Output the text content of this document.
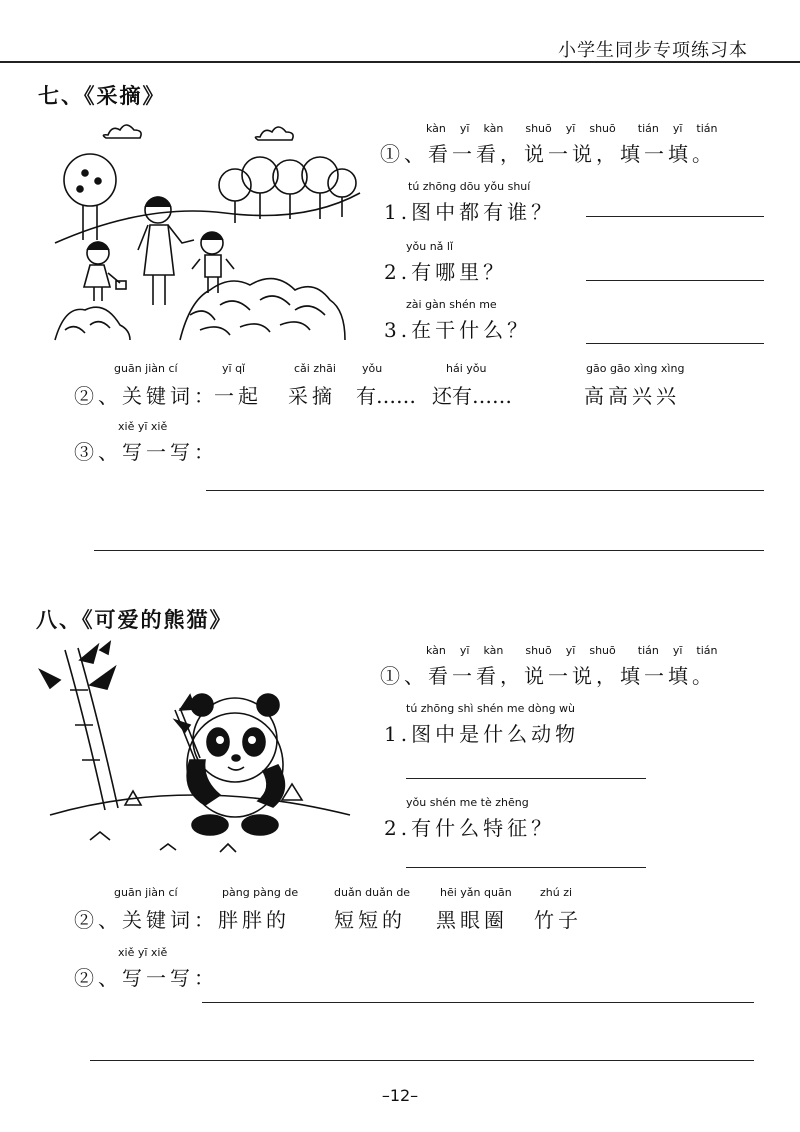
小学生同步专项练习本
七、《采摘》
kàn yī kàn shuō yī shuō tián yī tián
①、看一看，说一说，填一填。
tú zhōng dōu yǒu shuí
1.图中都有谁？
yǒu nǎ lǐ
2.有哪里？
zài gàn shén me
3.在干什么？
guān jiàn cí
②、关键词：
yī qǐ
一起
cǎi zhāi
采摘
yǒu
有……
hái yǒu
还有……
gāo gāo xìng xìng
高高兴兴
xiě yī xiě
③、写一写：
八、《可爱的熊猫》
kàn yī kàn shuō yī shuō tián yī tián
①、看一看，说一说，填一填。
tú zhōng shì shén me dòng wù
1.图中是什么动物
yǒu shén me tè zhēng
2.有什么特征？
guān jiàn cí
②、关键词：
pàng pàng de
胖胖的
duǎn duǎn de
短短的
hēi yǎn quān
黑眼圈
zhú zi
竹子
xiě yī xiě
②、写一写：
–12–
